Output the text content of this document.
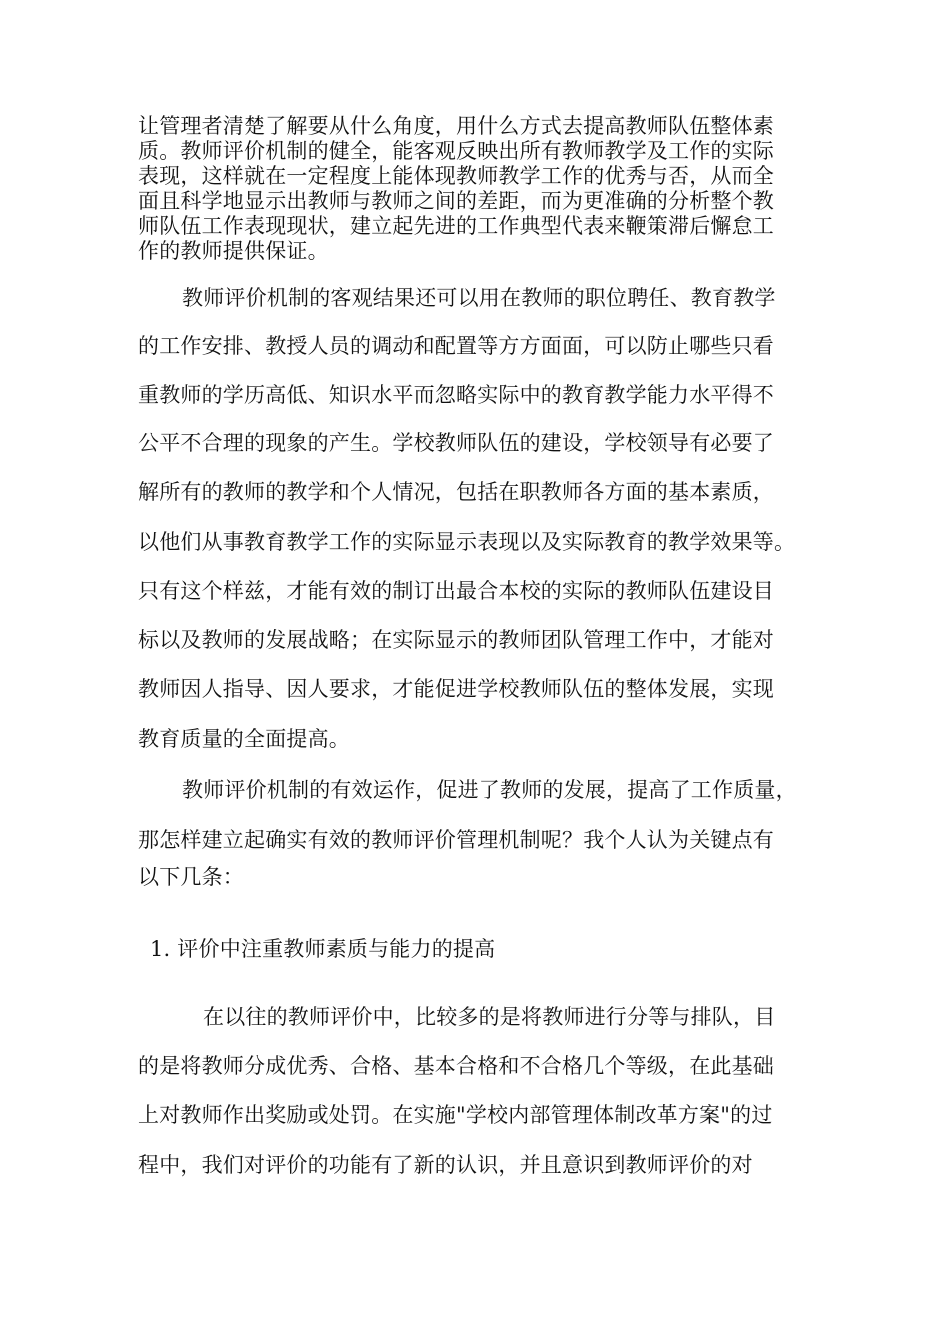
让管理者清楚了解要从什么角度，用什么方式去提高教师队伍整体素
质。教师评价机制的健全，能客观反映出所有教师教学及工作的实际
表现，这样就在一定程度上能体现教师教学工作的优秀与否，从而全
面且科学地显示出教师与教师之间的差距，而为更准确的分析整个教
师队伍工作表现现状，建立起先进的工作典型代表来鞭策滞后懈怠工
作的教师提供保证。
教师评价机制的客观结果还可以用在教师的职位聘任、教育教学
的工作安排、教授人员的调动和配置等方方面面，可以防止哪些只看
重教师的学历高低、知识水平而忽略实际中的教育教学能力水平得不
公平不合理的现象的产生。学校教师队伍的建设，学校领导有必要了
解所有的教师的教学和个人情况，包括在职教师各方面的基本素质，
以他们从事教育教学工作的实际显示表现以及实际教育的教学效果等。
只有这个样兹，才能有效的制订出最合本校的实际的教师队伍建设目
标以及教师的发展战略；在实际显示的教师团队管理工作中，才能对
教师因人指导、因人要求，才能促进学校教师队伍的整体发展，实现
教育质量的全面提高。
教师评价机制的有效运作，促进了教师的发展，提高了工作质量，
那怎样建立起确实有效的教师评价管理机制呢？我个人认为关键点有
以下几条：
1. 评价中注重教师素质与能力的提高
在以往的教师评价中，比较多的是将教师进行分等与排队，目
的是将教师分成优秀、合格、基本合格和不合格几个等级，在此基础
上对教师作出奖励或处罚。在实施"学校内部管理体制改革方案"的过
程中，我们对评价的功能有了新的认识，并且意识到教师评价的对
